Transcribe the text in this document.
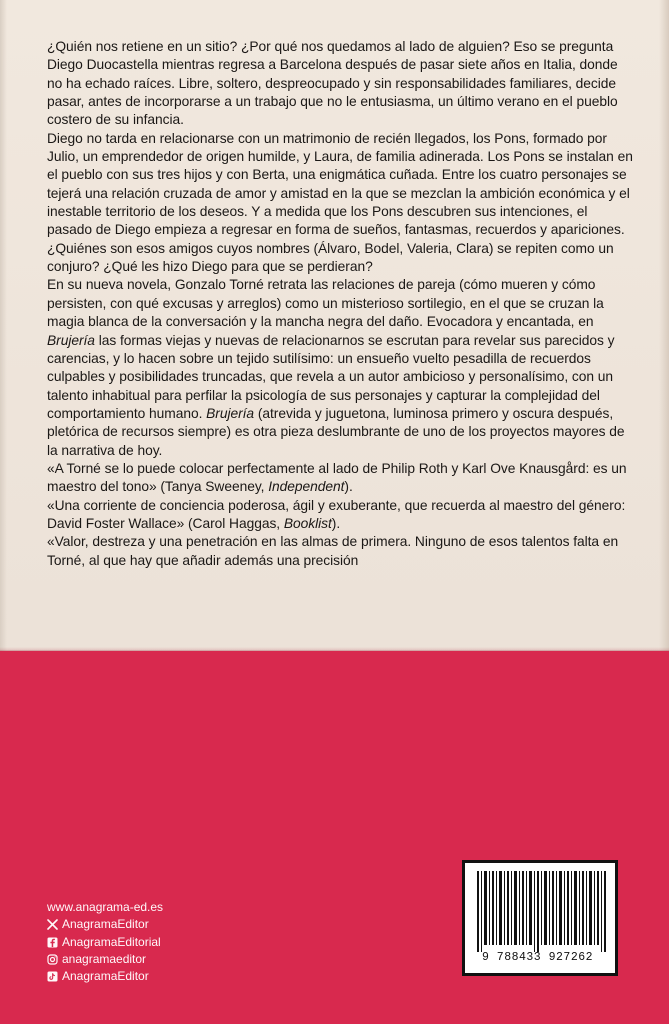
¿Quién nos retiene en un sitio? ¿Por qué nos quedamos al lado de alguien? Eso se pregunta Diego Duocastella mientras regresa a Barcelona después de pasar siete años en Italia, donde no ha echado raíces. Libre, soltero, despreocupado y sin responsabilidades familiares, decide pasar, antes de incorporarse a un trabajo que no le entusiasma, un último verano en el pueblo costero de su infancia.

Diego no tarda en relacionarse con un matrimonio de recién llegados, los Pons, formado por Julio, un emprendedor de origen humilde, y Laura, de familia adinerada. Los Pons se instalan en el pueblo con sus tres hijos y con Berta, una enigmática cuñada. Entre los cuatro personajes se tejerá una relación cruzada de amor y amistad en la que se mezclan la ambición económica y el inestable territorio de los deseos. Y a medida que los Pons descubren sus intenciones, el pasado de Diego empieza a regresar en forma de sueños, fantasmas, recuerdos y apariciones. ¿Quiénes son esos amigos cuyos nombres (Álvaro, Bodel, Valeria, Clara) se repiten como un conjuro? ¿Qué les hizo Diego para que se perdieran?

En su nueva novela, Gonzalo Torné retrata las relaciones de pareja (cómo mueren y cómo persisten, con qué excusas y arreglos) como un misterioso sortilegio, en el que se cruzan la magia blanca de la conversación y la mancha negra del daño. Evocadora y encantada, en Brujería las formas viejas y nuevas de relacionarnos se escrutan para revelar sus parecidos y carencias, y lo hacen sobre un tejido sutilísimo: un ensueño vuelto pesadilla de recuerdos culpables y posibilidades truncadas, que revela a un autor ambicioso y personalísimo, con un talento inhabitual para perfilar la psicología de sus personajes y capturar la complejidad del comportamiento humano. Brujería (atrevida y juguetona, luminosa primero y oscura después, pletórica de recursos siempre) es otra pieza deslumbrante de uno de los proyectos mayores de la narrativa de hoy.

«A Torné se lo puede colocar perfectamente al lado de Philip Roth y Karl Ove Knausgård: es un maestro del tono» (Tanya Sweeney, Independent).

«Una corriente de conciencia poderosa, ágil y exuberante, que recuerda al maestro del género: David Foster Wallace» (Carol Haggas, Booklist).

«Valor, destreza y una penetración en las almas de primera. Ninguno de esos talentos falta en Torné, al que hay que añadir además una precisión

www.anagrama-ed.es
AnagramaEditor
AnagramaEditorial
anagramaeditor
AnagramaEditor
9 788433 927262
